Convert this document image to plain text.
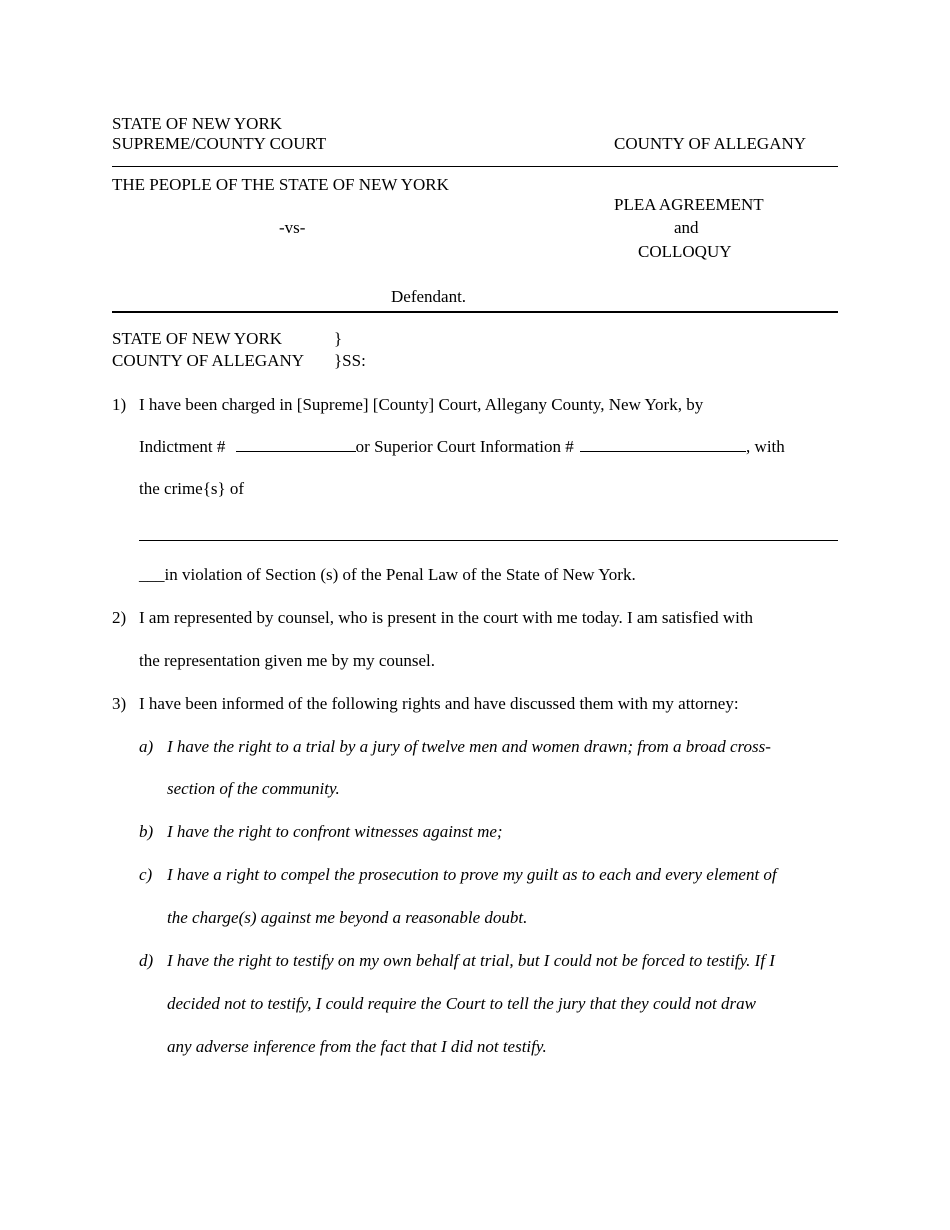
STATE OF NEW YORK
SUPREME/COUNTY COURT	COUNTY OF ALLEGANY
THE PEOPLE OF THE STATE OF NEW YORK
PLEA AGREEMENT
and
COLLOQUY
-vs-
Defendant.
STATE OF NEW YORK	}
COUNTY OF ALLEGANY }SS:
1) I have been charged in [Supreme] [County] Court, Allegany County, New York, by
Indictment #	or Superior Court Information #	, with
the crime{s} of
___in violation of Section (s) of the Penal Law of the State of New York.
2) I am represented by counsel, who is present in the court with me today. I am satisfied with
the representation given me by my counsel.
3) I have been informed of the following rights and have discussed them with my attorney:
a) I have the right to a trial by a jury of twelve men and women drawn; from a broad cross-
section of the community.
b) I have the right to confront witnesses against me;
c) I have a right to compel the prosecution to prove my guilt as to each and every element of
the charge(s) against me beyond a reasonable doubt.
d) I have the right to testify on my own behalf at trial, but I could not be forced to testify. If I
decided not to testify, I could require the Court to tell the jury that they could not draw
any adverse inference from the fact that I did not testify.
